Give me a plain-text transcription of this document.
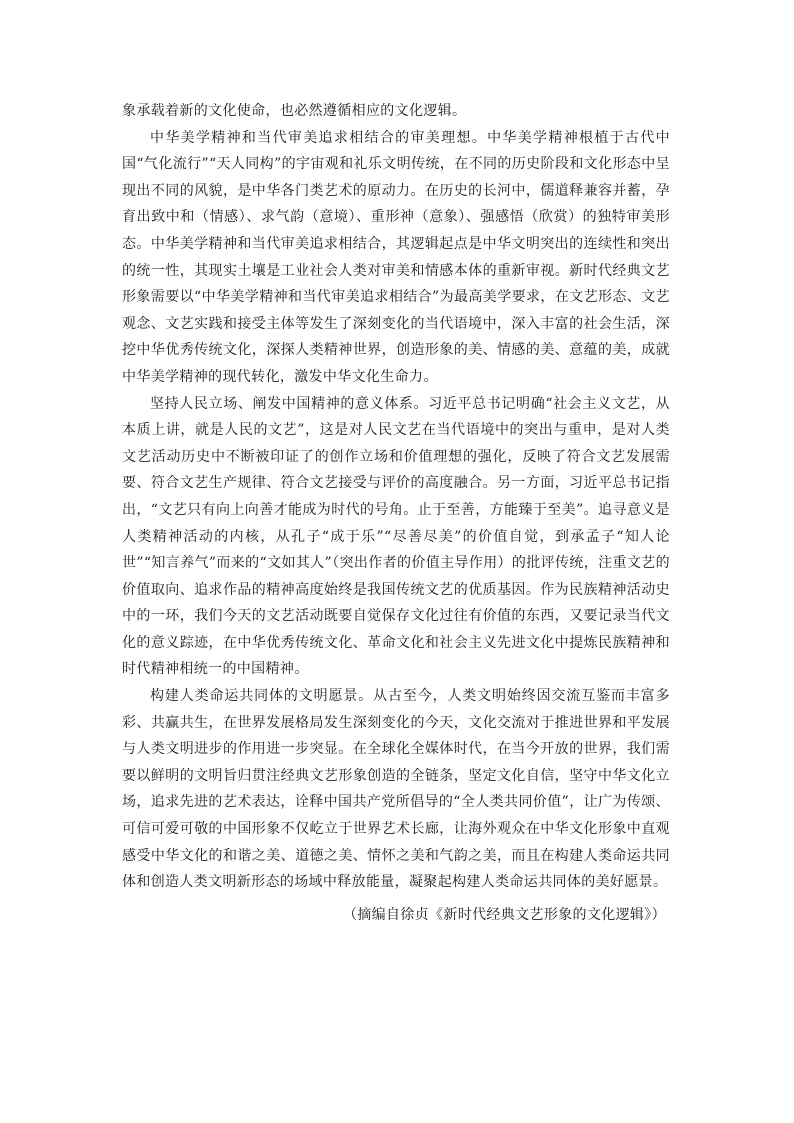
象承载着新的文化使命，也必然遵循相应的文化逻辑。

中华美学精神和当代审美追求相结合的审美理想。中华美学精神根植于古代中国“气化流行”“天人同构”的宇宙观和礼乐文明传统，在不同的历史阶段和文化形态中呈现出不同的风貌，是中华各门类艺术的原动力。在历史的长河中，儒道释兼容并蓄，孕育出致中和（情感）、求气韵（意境）、重形神（意象）、强感悟（欣赏）的独特审美形态。中华美学精神和当代审美追求相结合，其逻辑起点是中华文明突出的连续性和突出的统一性，其现实土壤是工业社会人类对审美和情感本体的重新审视。新时代经典文艺形象需要以“中华美学精神和当代审美追求相结合”为最高美学要求，在文艺形态、文艺观念、文艺实践和接受主体等发生了深刻变化的当代语境中，深入丰富的社会生活，深挖中华优秀传统文化，深探人类精神世界，创造形象的美、情感的美、意蕴的美，成就中华美学精神的现代转化，激发中华文化生命力。

坚持人民立场、阐发中国精神的意义体系。习近平总书记明确“社会主义文艺，从本质上讲，就是人民的文艺”，这是对人民文艺在当代语境中的突出与重申，是对人类文艺活动历史中不断被印证了的创作立场和价值理想的强化，反映了符合文艺发展需要、符合文艺生产规律、符合文艺接受与评价的高度融合。另一方面，习近平总书记指出，“文艺只有向上向善才能成为时代的号角。止于至善，方能臻于至美”。追寻意义是人类精神活动的内核，从孔子“成于乐”“尽善尽美”的价值自觉，到承孟子“知人论世”“知言养气”而来的“文如其人”（突出作者的价值主导作用）的批评传统，注重文艺的价值取向、追求作品的精神高度始终是我国传统文艺的优质基因。作为民族精神活动史中的一环，我们今天的文艺活动既要自觉保存文化过往有价值的东西，又要记录当代文化的意义踪迹，在中华优秀传统文化、革命文化和社会主义先进文化中提炼民族精神和时代精神相统一的中国精神。

构建人类命运共同体的文明愿景。从古至今，人类文明始终因交流互鉴而丰富多彩、共赢共生，在世界发展格局发生深刻变化的今天，文化交流对于推进世界和平发展与人类文明进步的作用进一步突显。在全球化全媒体时代，在当今开放的世界，我们需要以鲜明的文明旨归贯注经典文艺形象创造的全链条，坚定文化自信，坚守中华文化立场，追求先进的艺术表达，诠释中国共产党所倡导的“全人类共同价值”，让广为传颂、可信可爱可敬的中国形象不仅屹立于世界艺术长廊，让海外观众在中华文化形象中直观感受中华文化的和谐之美、道德之美、情怀之美和气韵之美，而且在构建人类命运共同体和创造人类文明新形态的场域中释放能量，凝聚起构建人类命运共同体的美好愿景。

（摘编自徐贞《新时代经典文艺形象的文化逻辑》）
